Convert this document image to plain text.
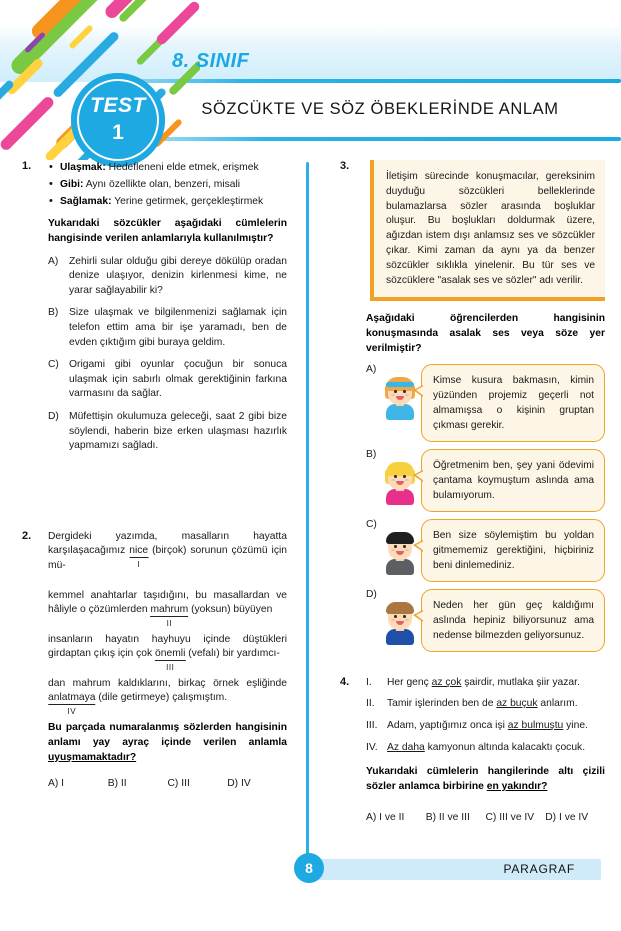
8. SINIF
SÖZCÜKTE VE SÖZ ÖBEKLERİNDE ANLAM
TEST
1
1.	• Ulaşmak: Hedefleneni elde etmek, erişmek
• Gibi: Aynı özellikte olan, benzeri, misali
• Sağlamak: Yerine getirmek, gerçekleştirmek
Yukarıdaki sözcükler aşağıdaki cümlelerin hangisinde verilen anlamlarıyla kullanılmıştır?
A) Zehirli sular olduğu gibi dereye dökülüp oradan denize ulaşıyor, denizin kirlenmesi kime, ne yarar sağlayabilir ki?
B) Size ulaşmak ve bilgilenmenizi sağlamak için telefon ettim ama bir işe yaramadı, ben de evden çıktığım gibi buraya geldim.
C) Origami gibi oyunlar çocuğun bir sonuca ulaşmak için sabırlı olmak gerektiğinin farkına varmasını da sağlar.
D) Müfettişin okulumuza geleceği, saat 2 gibi bize söylendi, haberin bize erken ulaşması hazırlık yapmamızı sağladı.
2.	Dergideki yazımda, masalların hayatta karşılaşacağımız nice
I
(birçok) sorunun çözümü için mü-
kemmel anahtarlar taşıdığını, bu masallardan ve hâliyle o çözümlerden mahrum
II
(yoksun) büyüyen
insanların hayatın hayhuyu içinde düştükleri girdaptan çıkış için çok önemli
III
(vefalı) bir yardımcı-
dan mahrum kaldıklarını, birkaç örnek eşliğinde anlatmaya
IV
(dile getirmeye) çalışmıştım.
Bu parçada numaralanmış sözlerden hangisinin anlamı yay ayraç içinde verilen anlamla uyuşmamaktadır?
A) I	B) II	C) III	D) IV
3.
İletişim sürecinde konuşmacılar, gereksinim duyduğu sözcükleri belleklerinde bulamazlarsa sözler arasında boşluklar oluşur. Bu boşlukları doldurmak üzere, ağızdan istem dışı anlamsız ses ve sözcükler çıkar. Kimi zaman da aynı ya da benzer sözcükler sıklıkla yinelenir. Bu tür ses ve sözcüklere "asalak ses ve sözler" adı verilir.
Aşağıdaki öğrencilerden hangisinin konuşmasında asalak ses veya söze yer verilmiştir?
A)
Kimse kusura bakmasın, kimin yüzünden projemiz geçerli not almamışsa o kişinin gruptan çıkması gerekir.
B)
Öğretmenim ben, şey yani ödevimi çantama koymuştum aslında ama bulamıyorum.
C)
Ben size söylemiştim bu yoldan gitmememiz gerektiğini, hiçbiriniz beni dinlemediniz.
D)
Neden her gün geç kaldığımı aslında hepiniz biliyorsunuz ama nedense bilmezden geliyorsunuz.
4.	I. Her genç az çok şairdir, mutlaka şiir yazar.
II. Tamir işlerinden ben de az buçuk anlarım.
III. Adam, yaptığımız onca işi az bulmuştu yine.
IV. Az daha kamyonun altında kalacaktı çocuk.
Yukarıdaki cümlelerin hangilerinde altı çizili sözler anlamca birbirine en yakındır?
A) I ve II	B) II ve III	C) III ve IV	D) I ve IV
PARAGRAF
8
